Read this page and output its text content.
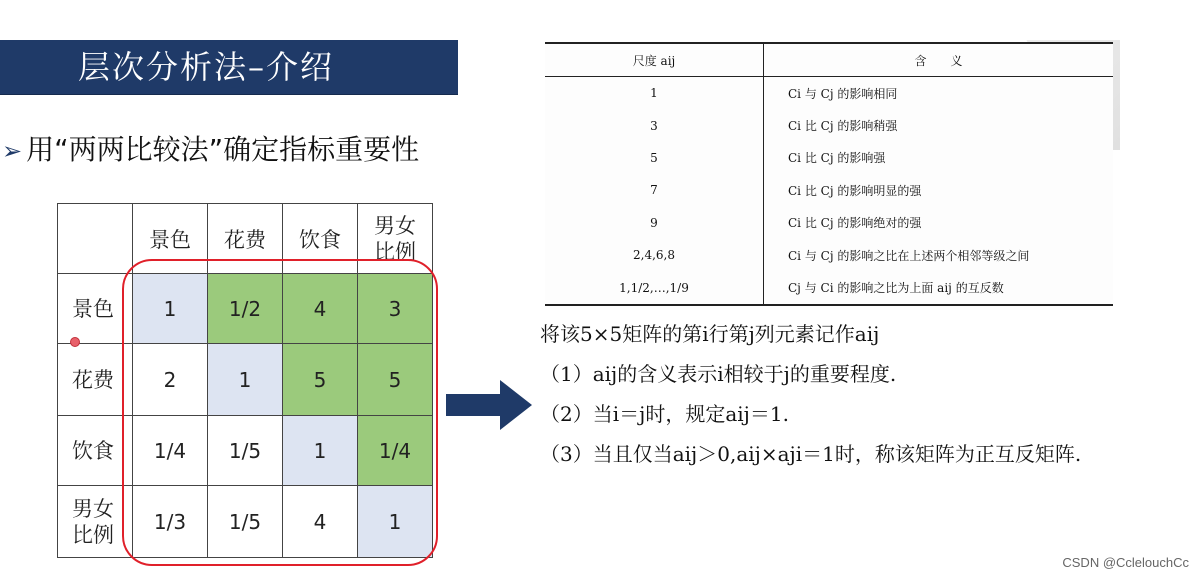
层次分析法–介绍
➢ 用“两两比较法”确定指标重要性
	景色	花费	饮食	男女比例
景色	1	1/2	4	3
花费	2	1	5	5
饮食	1/4	1/5	1	1/4
男女比例	1/3	1/5	4	1
尺度 aij	含　　义
1	Ci 与 Cj 的影响相同
3	Ci 比 Cj 的影响稍强
5	Ci 比 Cj 的影响强
7	Ci 比 Cj 的影响明显的强
9	Ci 比 Cj 的影响绝对的强
2,4,6,8	Ci 与 Cj 的影响之比在上述两个相邻等级之间
1,1/2,…,1/9	Cj 与 Ci 的影响之比为上面 aij 的互反数
将该5×5矩阵的第i行第j列元素记作aij
（1）aij的含义表示i相较于j的重要程度.
（2）当i＝j时，规定aij＝1.
（3）当且仅当aij＞0,aij×aji＝1时，称该矩阵为正互反矩阵.
CSDN @CclelouchCc
